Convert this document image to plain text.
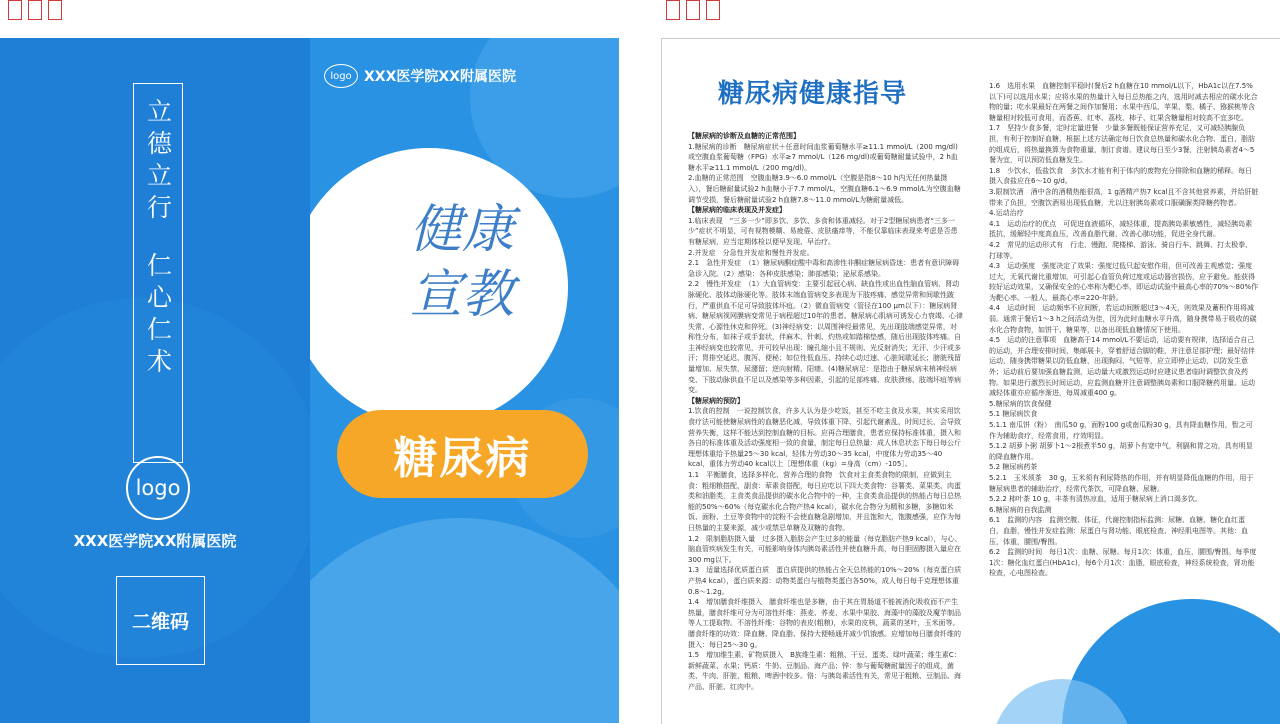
立德立行
仁心仁术
logo
XXX医学院XX附属医院
二维码
logo XXX医学院XX附属医院
健康
宣教
糖尿病
糖尿病健康指导

【糖尿病的诊断及血糖的正常范围】

1.糖尿病的诊断　糖尿病症状＋任意时间血浆葡萄糖水平≥11.1 mmol/L（200 mg/dl)或空腹血浆葡萄糖（FPG）水平≥7 mmol/L（126 mg/dl)或葡萄糖耐量试验中，2 h血糖水平≥11.1 mmol/L（200 mg/dl)。

2.血糖的正常范围　空腹血糖3.9～6.0 mmol/L（空腹是指8～10 h内无任何热量摄入），餐后糖耐量试验2 h血糖小于7.7 mmol/L，空腹血糖6.1～6.9 mmol/L为空腹血糖调节受损，餐后糖耐量试验2 h血糖7.8～11.0 mmol/L为糖耐量减低。

【糖尿病的临床表现及并发症】

1.临床表现　“三多一少”即多饮、多饮、多食和体重减轻。对于2型糖尿病患者“三多一少”症状不明显，可有视物模糊、易疲倦、皮肤瘙痒等，不能仅靠临床表现来考虑是否患有糖尿病，应当定期体检以便早发现、早治疗。

2.并发症　分急性并发症和慢性并发症。

2.1　急性并发症　（1）糖尿病酮症酸中毒和高渗性非酮症糖尿病昏迷：患者有意识障碍急诊入院。（2）感染：各种皮肤感染；肺部感染；泌尿系感染。

2.2　慢性并发症　（1）大血管病变：主要引起冠心病、缺血性或出血性脑血管病、肾动脉硬化、肢体动脉硬化等。肢体末端血管病变多表现为下肢疼痛、感觉异常和间歇性跛行，严重供血不足可导致肢体坏疽。（2）微血管病变（管径在100 μm以下）：糖尿病肾病、糖尿病视网膜病变常见于病程超过10年的患者。糖尿病心肌病可诱发心力衰竭、心律失常、心源性休克和猝死。(3)神经病变：以周围神经最常见，先出现肢端感觉异常，对称性分布，如袜子或手套状，伴麻木、针刺、灼热或如踏棉垫感，随后出现肢体疼痛。自主神经病变也较常见，并可较早出现：瞳孔缩小且不规则、光反射消失；无汗、少汗或多汗；胃排空延迟、腹泻、便秘；如位性低血压、持续心动过速、心脏间歇延长；膀胱残留量增加、尿失禁、尿潴留；逆向射精、阳痿。(4)糖尿病足：是指由于糖尿病末梢神经病变、下肢动脉供血不足以及感染等多种因素，引起的足部疼痛、皮肤溃疡、肢端坏疽等病变。

【糖尿病的预防】

1.饮食的控制　一说控制饮食，许多人认为是少吃饭，甚至不吃主食及水果，其实采用饮食疗法可能使糖尿病性的血糖恶化减，导致体重下降、引起代谢紊乱，时间过长，会导致营养失衡，这样不能达到控制血糖的目标。应再合理膳食，患者应保持标准体重，摄入和各自的标准体重及活动强度相一致的食量，制定每日总热量：成人休息状态下每日每公斤理想体重给予热量25～30 kcal，轻体力劳动30～35 kcal，中度体力劳动35～40 kcal，重体力劳动40 kcal以上［理想体重（kg）=身高（cm）-105］。

1.1　平衡膳食，选择多样化、营养合理的食物　饮食对主食类食物的限制，应做到主食：粗细粮搭配，副食：荤素食搭配，每日应吃以下四大类食物：谷薯类、菜果类、肉蛋类和油脂类，主食类食品提供的碳水化合物中的一种，主食类食品提供的热能占每日总热能的50%～60%（每克碳水化合物产热4 kcal），碳水化合物分为精和多糖，多糖如米饭、面粉、土豆等食物中的淀粉不会使血糖急剧增加，并且饱和大，饱腹感强，应作为每日热量的主要来源，减少或禁忌单糖及双糖的食物。

1.2　限制脂肪摄入量　过多摄入脂肪会产生过多的能量（每克脂肪产热9 kcal），与心、脑血管疾病发生有关，可能影响身体内胰岛素活性并使血糖升高，每日胆固醇摄入量应在300 mg以下。

1.3　适量选择优质蛋白质　蛋白质提供的热能占全天总热能的10%～20%（每克蛋白质产热4 kcal），蛋白质来源：动物类蛋白与植物类蛋白各50%，成人每日每千克理想体重0.8～1.2g。

1.4　增加膳食纤维摄入　膳食纤维也是多糖，由于其在胃肠道不能被消化吸收而不产生热量，膳食纤维可分为可溶性纤维：燕麦、荞麦、水果中果胶、海藻中的藻胶及魔芋制品等人工提取物。不溶性纤维：谷物的表皮(粗粮)，水果的皮核，蔬菜的茎叶，玉米面等。膳食纤维的功效：降血糖、降血脂、保持大便畅通并减少饥饿感。应增加每日膳食纤维的摄入：每日25～30 g。

1.5　增加维生素、矿物质摄入　B族维生素：粗粮、干豆、蛋类、绿叶蔬菜；维生素C：新鲜蔬菜、水果；钙质：牛奶、豆制品、海产品；锌：参与葡萄糖耐量因子的组成，菌类、牛肉、肝脏、粗粮、啤酒中较多。铬：与胰岛素活性有关，常见于粗粮、豆制品、海产品、肝脏、红肉中。

1.6　选用水果　血糖控制平稳时(餐后2 h血糖在10 mmol/L以下，HbA1c以在7.5%以下)可以选用水果；应将水果的热量计入每日总热能之内，选用时减去相应的碳水化合物的量；吃水果最好在两餐之间作加餐用；水果中西瓜、苹果、梨、橘子、猕猴桃等含糖量相对较低可食用，而香蕉、红枣、荔枝、柿子、红果含糖量相对较高不宜多吃。

1.7　坚持少食多餐，定时定量进餐　少量多餐既能保证营养充足，又可减轻胰腺负担，有利于控制好血糖，根据上述方法确定每日饮食总热量和碳水化合物、蛋白、脂肪的组成后，将热量换算为食物重量，制订食谱。建议每日至少3餐，注射胰岛素者4～5餐为宜，可以预防低血糖发生。

1.8　少饮水，低盐饮食　多饮水才能有利于体内的废物充分排除和血糖的稀释。每日摄入食盐应在6～10 g/d。

3.限制饮酒　酒中含的酒精热能很高，1 g酒精产热7 kcal且不含其他营养素，并给肝脏带来了负担，空腹饮酒易出现低血糖，尤以注射胰岛素或口服磺脲类降糖药物者。

4.运动治疗

4.1　运动治疗的优点　可促进血液循环，减轻体重，提高胰岛素敏感性，减轻胰岛素抵抗，缓解轻中度高血压，改善血脂代谢，改善心肺功能，促进全身代谢。

4.2　常见的运动形式有　行走、慢跑、爬楼梯、游泳、骑自行车、跳舞、打太极拳、打球等。

4.3　运动强度　强度决定了效果：强度过低只起安慰作用，但可改善主观感觉；强度过大，无氧代谢比重增加，可引起心血管负荷过度或运动器官损伤，应予避免。能获得较好运动效果，又确保安全的心率称为靶心率，即运动试验中最高心率的70%～80%作为靶心率。一般人，最高心率=220-年龄。

4.4　运动时间　运动频率不应间断，若运动间断超过3～4天，则效果及蓄积作用将减弱。通常于餐后1～3 h之间活动为佳，因为此时血糖水平升高，随身携带易于吸收的碳水化合物食物，如饼干、糖果等，以备出现低血糖情况下使用。

4.5　运动的注意事项　血糖高于14 mmol/L不要运动，运动要有规律，选择适合自己的运动，并合理安排时间，集邮展卡，穿着舒适合脚的鞋，并注意足部护理；最好结伴运动，随身携带糖果以防低血糖，出现胸闷、气短等，应立即停止运动，以防发生意外；运动前后要加强血糖监测，运动量大或激烈运动时应建议患者临时调整饮食及药物。如果进行激烈长时间运动，应监测血糖并注意调整胰岛素和口服降糖药用量。运动减轻体重亦应循序渐进，每周减重400 g。

5.糖尿病的饮食保健

5.1 糖尿病饮食

5.1.1 南瓜饼（粉）　南瓜50 g，面粉100 g或南瓜粉30 g，具有降血糖作用，暂之可作为辅助食疗，经常食用，疗效明显。

5.1.2 胡萝卜粥 胡萝卜1～2根煮半50 g，胡萝卜有宽中气，利膈和胃之功，具有明显的降血糖作用。

5.2 糖尿病药茶

5.2.1　玉米须茶　30 g，玉米须有利尿降热的作用，并有明显降低血糖的作用，用于糖尿病患者的辅助治疗，经常代茶饮，可降血糖、尿糖。

5.2.2 柿叶茶 10 g，丰茶有清热凉血，适用于糖尿病上消口渴多饮。

6.糖尿病的自我监测

6.1　监测的内容　监测空腹、体征，代谢控制指标监测：尿糖、血糖，糖化血红蛋白，血脂，慢性并发症监测：尿蛋白与肾功能、眼底检查、神经肌电图等。其他：血压，体重，腰围/臀围。

6.2　监测的时间　每日1次：血糖、尿糖。每月1次：体重，血压，腰围/臀围。每季度1次：糖化血红蛋白(HbA1c)，每6个月1次：血脂，眼底检查，神经系统检查，肾功能检查，心电图检查。
